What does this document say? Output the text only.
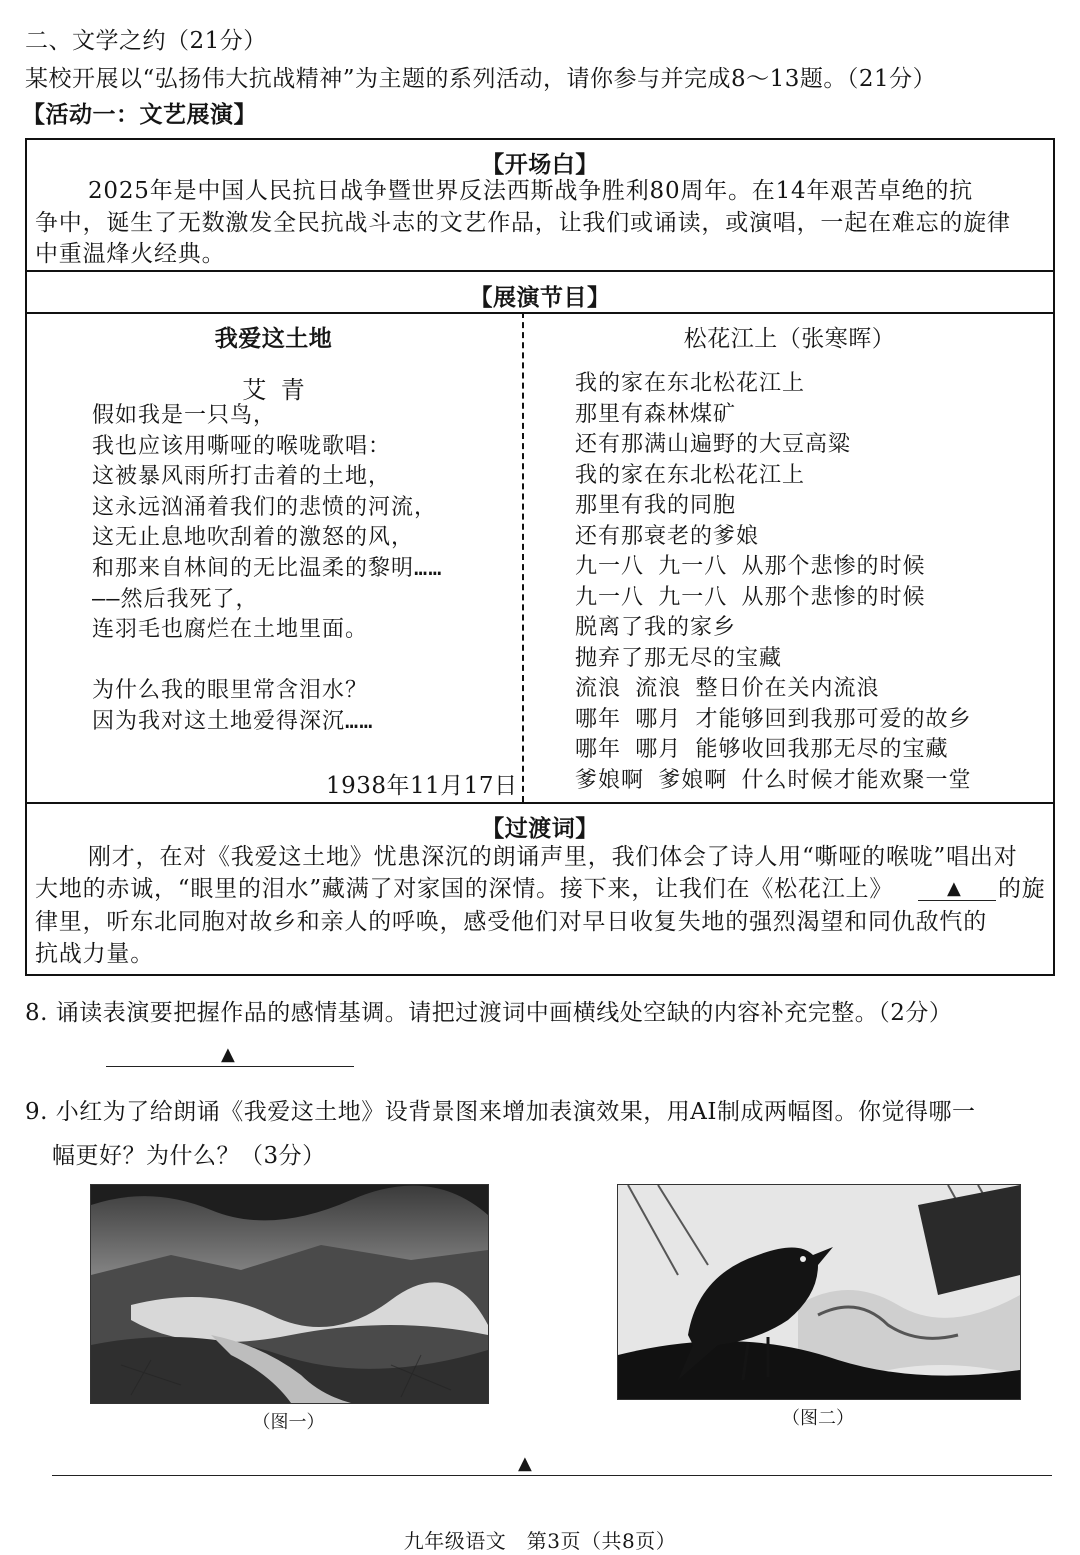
二、文学之约（21分）
某校开展以“弘扬伟大抗战精神”为主题的系列活动，请你参与并完成8～13题。（21分）
【活动一：文艺展演】
【开场白】
2025年是中国人民抗日战争暨世界反法西斯战争胜利80周年。在14年艰苦卓绝的抗
争中，诞生了无数激发全民抗战斗志的文艺作品，让我们或诵读，或演唱，一起在难忘的旋律
中重温烽火经典。
【展演节目】
我爱这土地
艾 青
假如我是一只鸟，
我也应该用嘶哑的喉咙歌唱：
这被暴风雨所打击着的土地，
这永远汹涌着我们的悲愤的河流，
这无止息地吹刮着的激怒的风，
和那来自林间的无比温柔的黎明……
——然后我死了，
连羽毛也腐烂在土地里面。
为什么我的眼里常含泪水？
因为我对这土地爱得深沉……
1938年11月17日
松花江上（张寒晖）
我的家在东北松花江上
那里有森林煤矿
还有那满山遍野的大豆高粱
我的家在东北松花江上
那里有我的同胞
还有那衰老的爹娘
九一八 九一八 从那个悲惨的时候
九一八 九一八 从那个悲惨的时候
脱离了我的家乡
抛弃了那无尽的宝藏
流浪 流浪 整日价在关内流浪
哪年 哪月 才能够回到我那可爱的故乡
哪年 哪月 能够收回我那无尽的宝藏
爹娘啊 爹娘啊 什么时候才能欢聚一堂
【过渡词】
刚才，在对《我爱这土地》忧患深沉的朗诵声里，我们体会了诗人用“嘶哑的喉咙”唱出对
大地的赤诚，“眼里的泪水”藏满了对家国的深情。接下来，让我们在《松花江上》	▲ 的旋
律里，听东北同胞对故乡和亲人的呼唤，感受他们对早日收复失地的强烈渴望和同仇敌忾的
抗战力量。
8. 诵读表演要把握作品的感情基调。请把过渡词中画横线处空缺的内容补充完整。（2分）
▲
9. 小红为了给朗诵《我爱这土地》设背景图来增加表演效果，用AI制成两幅图。你觉得哪一
幅更好？为什么？（3分）
（图一）	（图二）
▲
九年级语文　第3页（共8页）
